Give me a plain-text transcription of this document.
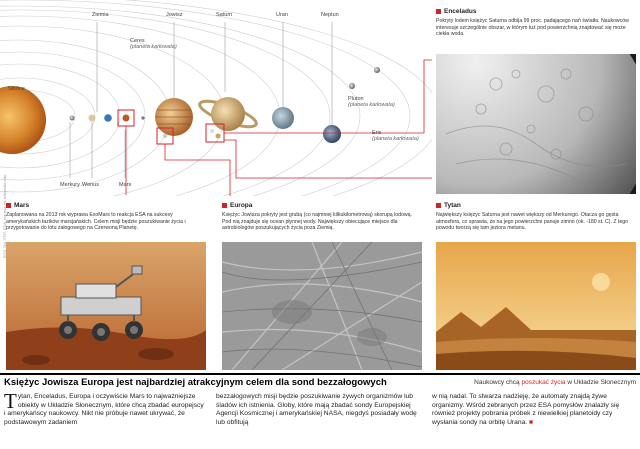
Słońce
Merkury Wenus
Ziemia
Mars
Ceres
(planeta karłowata)
Jowisz	Saturn	Uran	Neptun
Pluton
(planeta karłowata)
Eris
(planeta karłowata)
Enceladus
Pokryty lodem księżyc Saturna odbija 99 proc. padającego nań światła. Naukowców interesuje szczególnie obszar, w którym tuż pod powierzchnią znajdować się może ciekła woda.
Mars
Zaplanowana na 2013 rok wyprawa ExoMars to reakcja ESA na sukcesy amerykańskich łazików marsjańskich. Celem misji będzie poszukiwanie życia i przygotowanie do lotu załogowego na Czerwoną Planetę.
Europa
Księżyc Jowisza pokryty jest grubą (co najmniej kilkukilometrową) skorupą lodową. Pod nią znajduje się ocean płynnej wody. Największy obiecujące miejsce dla astrobiologów poszukujących życia poza Ziemią.
Tytan
Największy księżyc Saturna jest nawet większy od Merkurego. Otacza go gęsta atmosfera, co sprawia, że na jego powierzchni panuje zimno (ok. -180 st. C). Z tego powodu tworzą się tam jeziora metanu.
RYS. DN, FOT. ESA, mn.esa.int, wikipedia.edu
Księżyc Jowisza Europa jest najbardziej atrakcyjnym celem dla sond bezzałogowych	Naukowcy chcą poszukać życia w Układzie Słonecznym
Tytan, Enceladus, Europa i oczywiście Mars to najważniejsze obiekty w Układzie Słonecznym, które chcą zbadać europejscy i amerykańscy naukowcy. Nikt nie próbuje nawet ukrywać, że podstawowym zadaniem
bezzałogowych misji będzie poszukiwanie żywych organizmów lub śladów ich istnienia. Globy, które mają zbadać sondy Europejskiej Agencji Kosmicznej i amerykańskiej NASA, niegdyś posiadały wodę lub obfitują
w nią nadal. To stwarza nadzieję, że automaty znajdą żywe organizmy. Wśród zebranych przez ESA pomysłów znalazły się również projekty pobrania próbek z niewielkiej planetoidy czy wysłania sondy na orbitę Urana. ■
